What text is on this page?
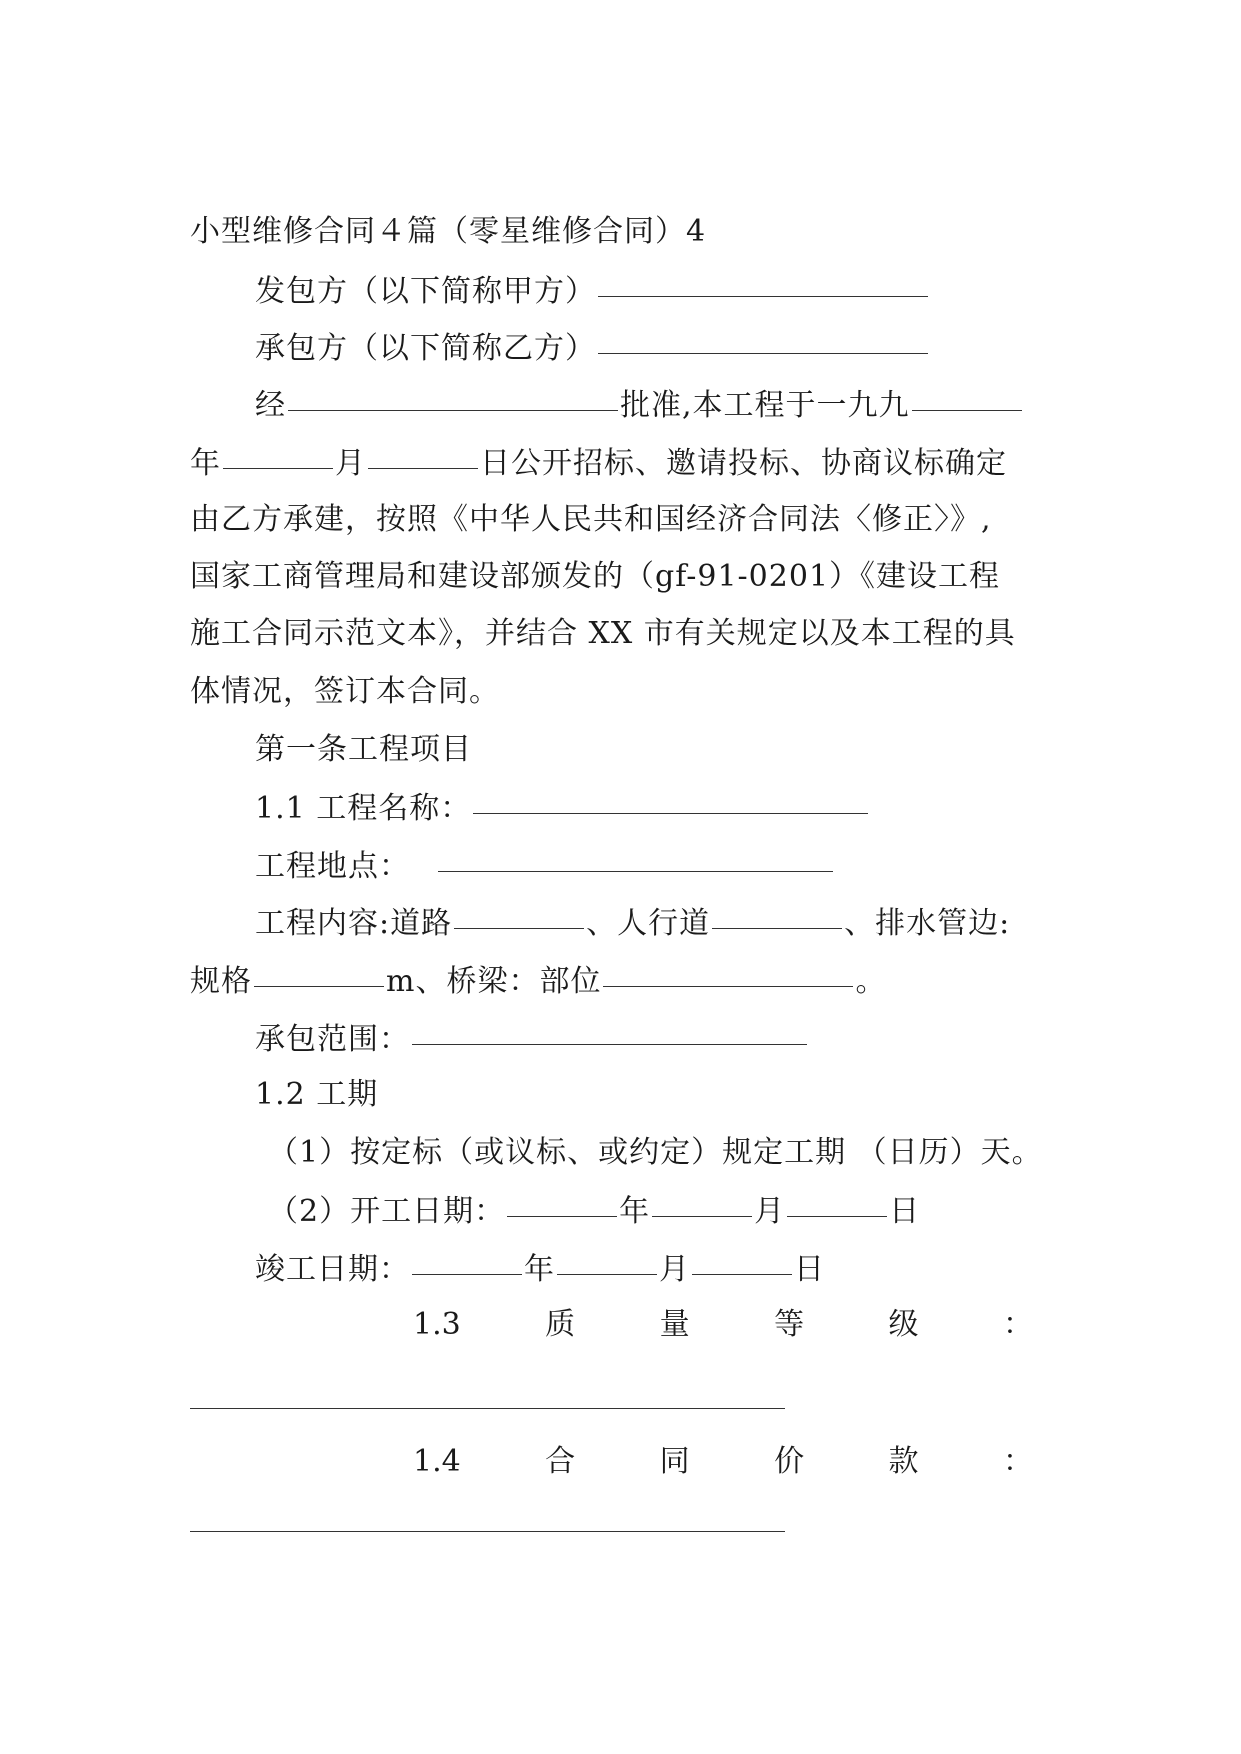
小型维修合同４篇（零星维修合同）4
发包方（以下简称甲方）
承包方（以下简称乙方）
经	批准,本工程于一九九
年	月	日公开招标、邀请投标、协商议标确定
由乙方承建，按照《中华人民共和国经济合同法〈修正〉》,
国家工商管理局和建设部颁发的（gf-91-0201）《建设工程
施工合同示范文本》，并结合 XX 市有关规定以及本工程的具
体情况，签订本合同。
第一条工程项目
1.1 工程名称：
工程地点：
工程内容:道路	、人行道	、排水管边:
规格	m、桥梁：部位	。
承包范围：
1.2 工期
（1）按定标（或议标、或约定）规定工期 （日历）天。
（2）开工日期：	年	月	日
竣工日期：	年	月	日
1.3	质	量	等	级	：
1.4	合	同	价	款	：
